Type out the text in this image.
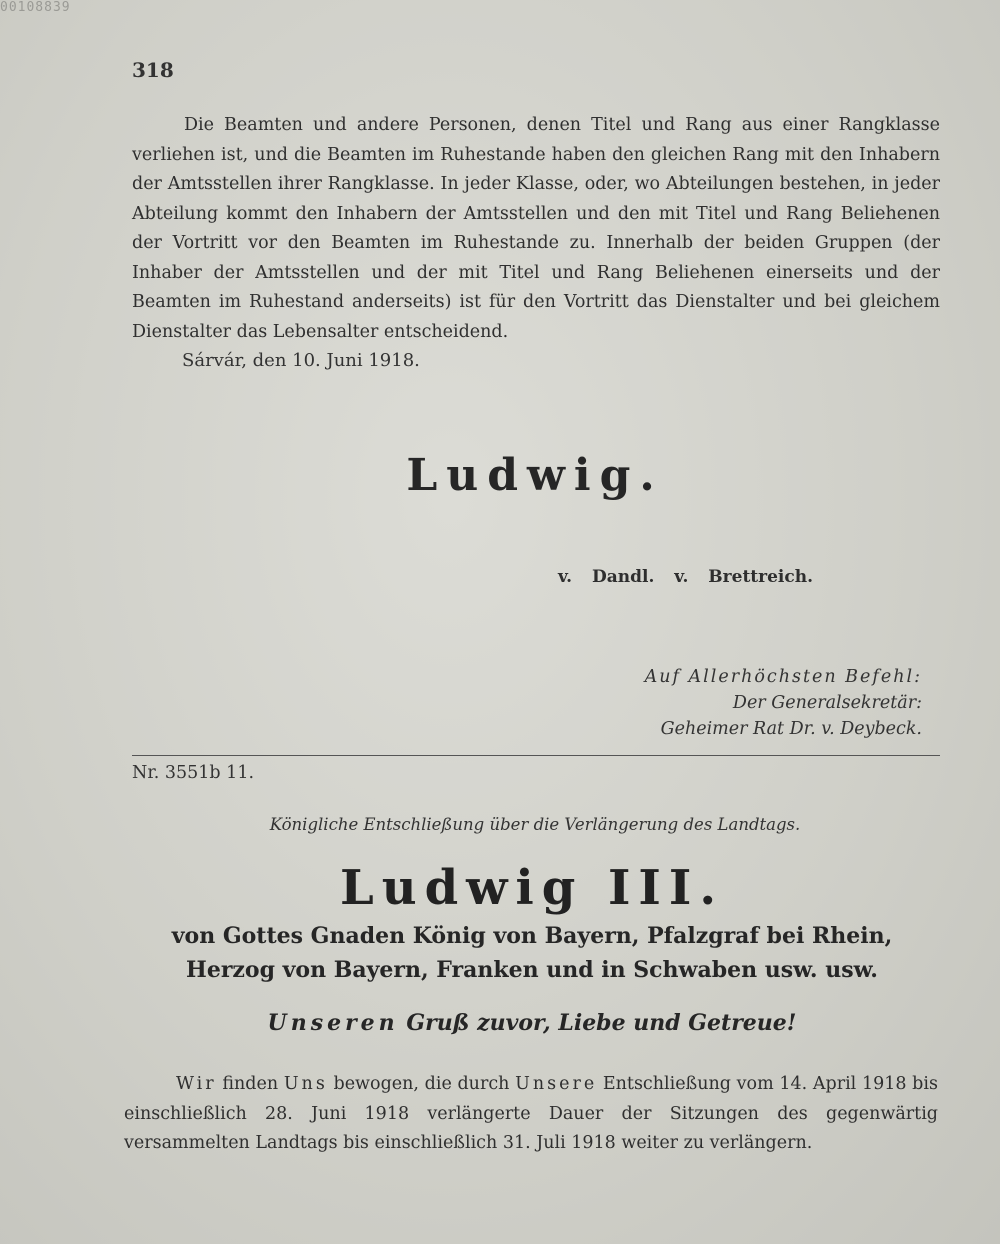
00108839
318

Die Beamten und andere Personen, denen Titel und Rang aus einer Rangklasse verliehen ist, und die Beamten im Ruhestande haben den gleichen Rang mit den Inhabern der Amtsstellen ihrer Rangklasse. In jeder Klasse, oder, wo Abteilungen bestehen, in jeder Abteilung kommt den Inhabern der Amtsstellen und den mit Titel und Rang Beliehenen der Vortritt vor den Beamten im Ruhestande zu. Innerhalb der beiden Gruppen (der Inhaber der Amtsstellen und der mit Titel und Rang Beliehenen einerseits und der Beamten im Ruhestand anderseits) ist für den Vortritt das Dienstalter und bei gleichem Dienstalter das Lebensalter entscheidend.

Sárvár, den 10. Juni 1918.
Ludwig.
v. Dandl. v. Brettreich.
Auf Allerhöchsten Befehl:
Der Generalsekretär:
Geheimer Rat Dr. v. Deybeck.
Nr. 3551b 11.
Königliche Entschließung über die Verlängerung des Landtags.
Ludwig III.
von Gottes Gnaden König von Bayern, Pfalzgraf bei Rhein,
Herzog von Bayern, Franken und in Schwaben usw. usw.
Unseren Gruß zuvor, Liebe und Getreue!

Wir finden Uns bewogen, die durch Unsere Entschließung vom 14. April 1918 bis einschließlich 28. Juni 1918 verlängerte Dauer der Sitzungen des gegenwärtig versammelten Landtags bis einschließlich 31. Juli 1918 weiter zu verlängern.
